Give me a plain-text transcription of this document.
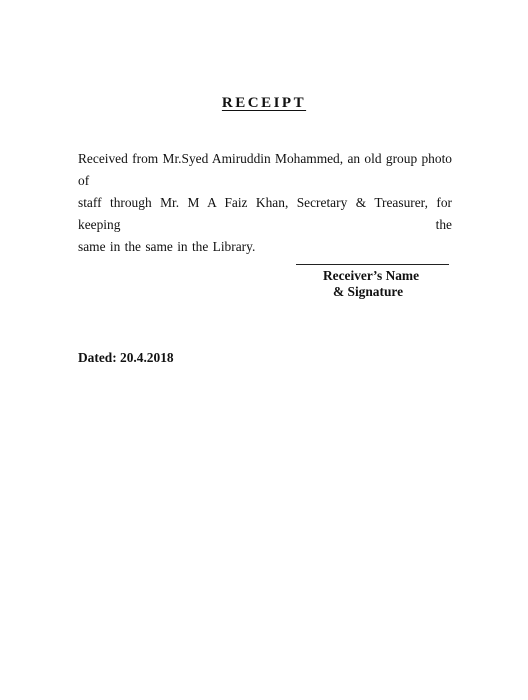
RECEIPT
Received from Mr.Syed Amiruddin Mohammed, an old group photo of
staff through Mr. M A Faiz Khan, Secretary & Treasurer, for keeping the
same in the same in the Library.
Receiver’s Name
& Signature
Dated: 20.4.2018
